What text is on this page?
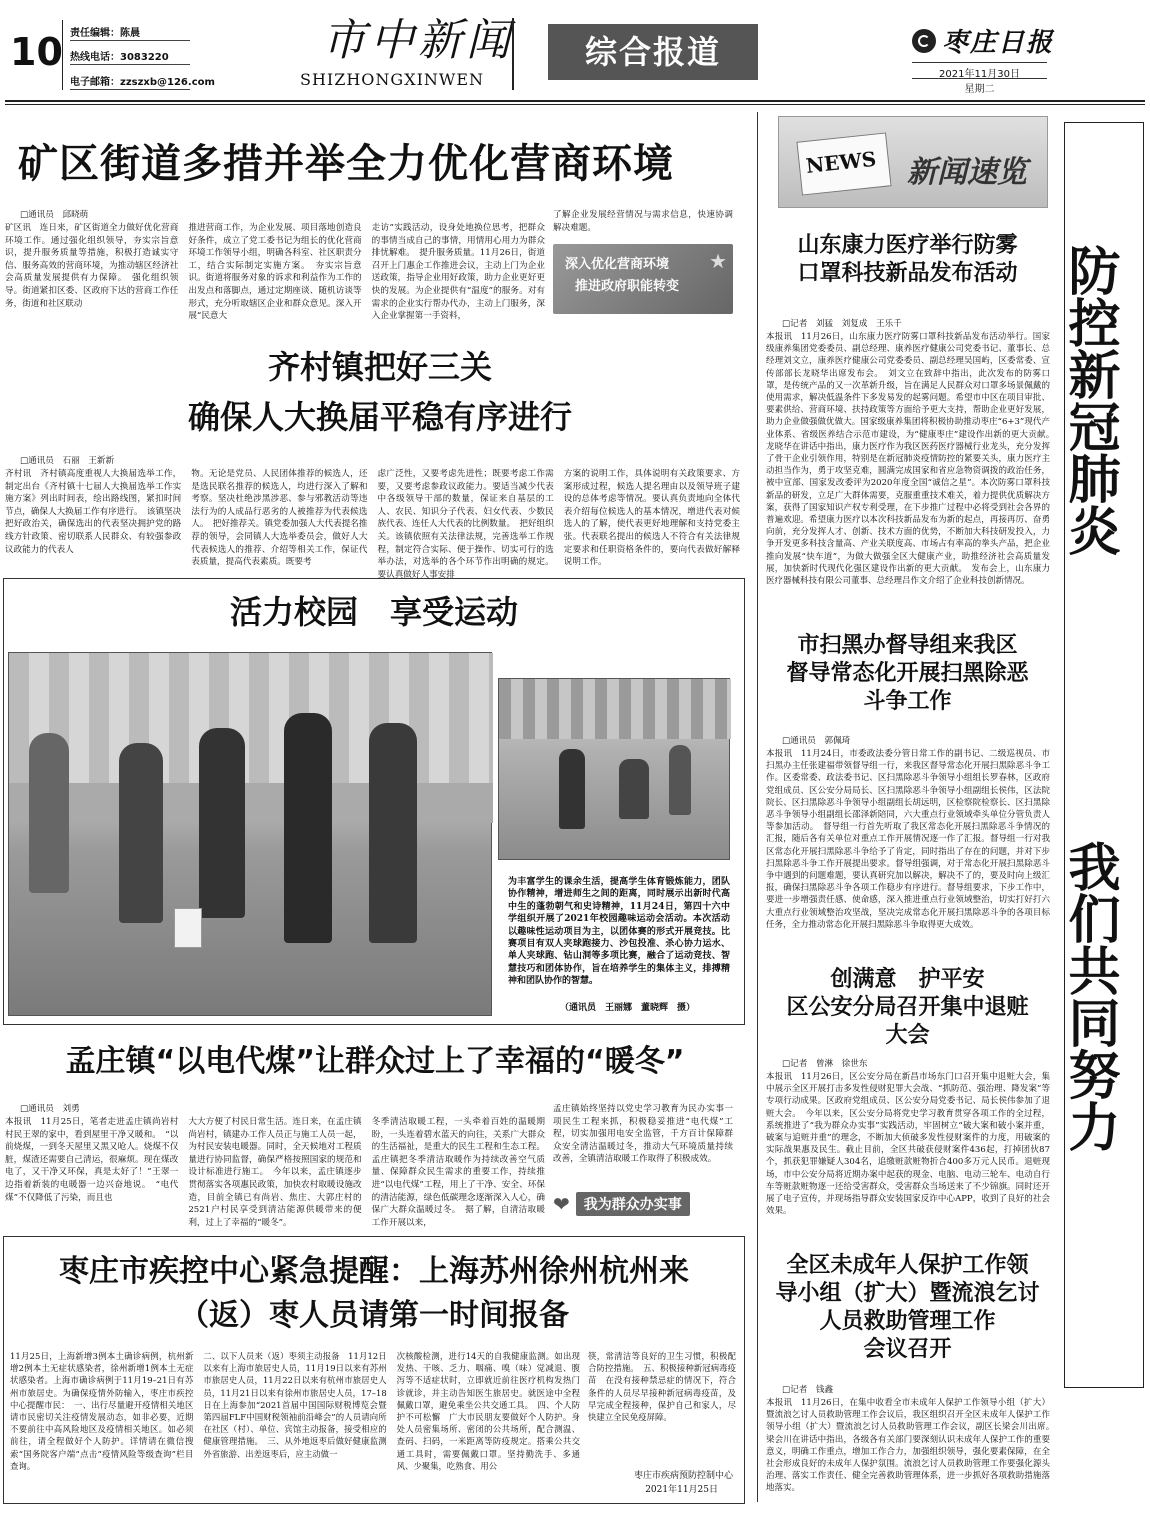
10 责任编辑：陈晨
热线电话：3083220
电子邮箱：zzszxb@126.com
市中新闻
SHIZHONGXINWEN
综合报道	枣庄日报
2021年11月30日
星期二
矿区街道多措并举全力优化营商环境
□通讯员　邱晓萌

矿区讯　连日来，矿区街道全力做好优化营商环境工作。通过强化组织领导，夯实宗旨意识，提升服务质量等措施，积极打造诚实守信、服务高效的营商环境，为推动辖区经济社会高质量发展提供有力保障。　强化组织领导。街道紧扣区委、区政府下达的营商工作任务，街道和社区联动

推进营商工作，为企业发展、项目落地创造良好条件，成立了党工委书记为组长的优化营商环境工作领导小组，明确各科室、社区职责分工，结合实际制定实施方案。　夯实宗旨意识。街道将服务对象的诉求和利益作为工作的出发点和落脚点，通过定期座谈、随机访谈等形式，充分听取辖区企业和群众意见。深入开展“民意大

走访”实践活动，设身处地换位思考，把群众的事情当成自己的事情，用情用心用力为群众排忧解难。　提升服务质量。11月26日，街道召开上门惠企工作推进会议，主动上门为企业送政策，指导企业用好政策，助力企业更好更快的发展。为企业提供有“温度”的服务。对有需求的企业实行帮办代办，主动上门服务，深入企业掌握第一手资料，

了解企业发展经营情况与需求信息，快速协调解决难题。
深入优化营商环境
推进政府职能转变
★
齐村镇把好三关
确保人大换届平稳有序进行
□通讯员　石丽　王新新

齐村讯　齐村镇高度重视人大换届选举工作，制定出台《齐村镇十七届人大换届选举工作实施方案》列出时间表，绘出路线图，紧扣时间节点，确保人大换届工作有序进行。　该镇坚决把好政治关，确保选出的代表坚决拥护党的路线方针政策、密切联系人民群众、有较强参政议政能力的代表人

物。无论是党员、人民团体推荐的候选人，还是选民联名推荐的候选人，均进行深入了解和考察。坚决杜绝涉黑涉恶、参与邪教活动等违法行为的人成品行恶劣的人被推荐为代表候选人。　把好推荐关。镇党委加强人大代表提名推荐的领导，会同镇人大选举委员会，做好人大代表候选人的推荐、介绍等相关工作，保证代表质量，提高代表素质。既要考

虑广泛性，又要考虑先进性；既要考虑工作需要，又要考虑参政议政能力。要适当减少代表中各级领导干部的数量，保证来自基层的工人、农民、知识分子代表、妇女代表、少数民族代表、连任人大代表的比例数量。　把好组织关。该镇依照有关法律法规，完善选举工作规程，制定符合实际、便于操作、切实可行的选举办法，对选举的各个环节作出明确的规定。要认真做好人事安排

方案的说明工作，具体说明有关政策要求、方案形成过程，候选人提名理由以及领导班子建设的总体考虑等情况。要认真负责地向全体代表介绍每位候选人的基本情况，增进代表对候选人的了解，使代表更好地理解和支持党委主张。代表联名提出的候选人不符合有关法律规定要求和任职资格条件的，要向代表做好解释说明工作。

活力校园　享受运动
为丰富学生的课余生活，提高学生体育锻炼能力，团队协作精神，增进师生之间的距离，同时展示出新时代高中生的蓬勃朝气和史诗精神，11月24日，第四十六中学组织开展了2021年校园趣味运动会活动。本次活动以趣味性运动项目为主，以团体赛的形式开展竞技。比赛项目有双人夹球跑接力、沙包投准、杀心协力运水、单人夹球跑、钻山洞等多项比赛，融合了运动竞技、智慧技巧和团体协作，旨在培养学生的集体主义，排搏精神和团队协作的智慧。
（通讯员　王丽娜　董晓辉　摄）
孟庄镇“以电代煤”让群众过上了幸福的“暖冬”
□通讯员　刘勇

本报讯　11月25日，笔者走进孟庄镇尚岩村村民王翠的家中，看到屋里干净又暖和。　“以前烧煤，一到冬天屋里又黑又呛人。烧煤不仅脏，煤渣还需要自己清运，很麻烦。现在煤改电了，又干净又环保，真是太好了！”王翠一边指着新装的电暖器一边兴奋地说。　“电代煤”不仅降低了污染，而且也

大大方便了村民日常生活。连日来，在孟庄镇尚岩村，镇建办工作人员正与施工人员一起，为村民安装电暖器。同时，全天候地对工程质量进行协同监督，确保严格按照国家的规范和设计标准进行施工。　今年以来，孟庄镇逐步贯彻落实各项惠民政策，加快农村取暖设施改造，目前全镇已有尚岩、焦庄、大郭庄村的2521户村民享受到清洁能源供暖带来的便利，过上了幸福的“暖冬”。

冬季清洁取暖工程，一头牵着百姓的温暖期盼，一头连着碧水蓝天的向往，关系广大群众的生活福祉，是重大的民生工程和生态工程。孟庄镇把冬季清洁取暖作为持续改善空气质量、保障群众民生需求的重要工作，持续推进“以电代煤”工程，用上了干净、安全、环保的清洁能源，绿色低碳理念逐渐深入人心，确保广大群众温暖过冬。　据了解，自清洁取暖工作开展以来，

孟庄镇始终坚持以党史学习教育为民办实事一项民生工程来抓，积极稳妥推进“电代煤”工程，切实加强用电安全监管，千方百计保障群众安全清洁温暖过冬，推动大气环境质量持续改善，全镇清洁取暖工作取得了积极成效。
❤	我为群众办实事
枣庄市疾控中心紧急提醒：上海苏州徐州杭州来
（返）枣人员请第一时间报备

11月25日，上海新增3例本土确诊病例，杭州新增2例本土无症状感染者，徐州新增1例本土无症状感染者。上海市确诊病例于11月19–21日有苏州市旅居史。为确保疫情外防输入，枣庄市疾控中心提醒市民：　一、出行尽量避开疫情相关地区　请市民密切关注疫情发展动态，如非必要，近期不要前往中高风险地区及疫情相关地区。如必须前往，请全程做好个人防护。详情请在微信搜索“国务院客户端”点击“疫情风险等级查询”栏目查询。

二、以下人员来（返）枣须主动报备　11月12日以来有上海市旅居史人员，11月19日以来有苏州市旅居史人员，11月22日以来有杭州市旅居史人员，11月21日以来有徐州市旅居史人员，17–18日在上海参加“2021首届中国国际财税博览会暨第四届FLF中国财税领袖前沿峰会”的人员请向所在社区（村）、单位、宾馆主动报备，接受相应的健康管理措施。　三、从外地返枣后做好健康监测　外省旅游、出差返枣后，应主动做一

次核酸检测，进行14天的自我健康监测。如出现发热、干咳、乏力、咽痛、嗅（味）觉减退、腹泻等不适症状时，立即就近前往医疗机构发热门诊就诊，并主动告知医生旅居史。就医途中全程佩戴口罩，避免乘坐公共交通工具。　四、个人防护不可松懈　广大市民朋友要做好个人防护。身处人员密集场所、密闭的公共场所，配合测温、查码、扫码，一米距离等防疫规定。搭乘公共交通工具时，需要佩戴口罩。坚持勤洗手、多通风、少聚集，吃熟食、用公

筷，常清洁等良好的卫生习惯，积极配合防控措施。　五、积极接种新冠病毒疫苗　在没有接种禁忌症的情况下，符合条件的人员尽早接种新冠病毒疫苗，及早完成全程接种，保护自己和家人，尽快建立全民免疫屏障。
枣庄市疾病预防控制中心
2021年11月25日
NEWS 新闻速览
山东康力医疗举行防雾
口罩科技新品发布活动
□记者　刘猛　刘复成　王乐千
本报讯　11月26日，山东康力医疗防雾口罩科技新品发布活动举行。国家级康养集团党委委员、副总经理、康养医疗健康公司党委书记、董事长、总经理刘文立，康养医疗健康公司党委委员、副总经理吴国屿，区委常委、宣传部部长龙晓华出席发布会。　刘文立在致辞中指出，此次发布的防雾口罩，是传统产品的又一次革新升级，旨在满足人民群众对口罩多场景佩戴的使用需求，解决低温条件下多发易发的起雾问题。希望市中区在项目审批、要素供给、营商环境、扶持政策等方面给予更大支持，帮助企业更好发展，助力企业做强做优做大。国家级康养集团将积极协助推动枣庄“6+3”现代产业体系、省级医养结合示范市建设，为“健康枣庄”建设作出新的更大贡献。　龙晓华在讲话中指出，康力医疗作为我区医药医疗器械行业龙头，充分发挥了骨干企业引领作用，特别是在新冠肺炎疫情防控的紧要关头，康力医疗主动担当作为，勇于攻坚克难，圆满完成国家和省应急物资调拨的政治任务，被中宣部、国家发改委评为2020年度全国“诚信之星”。本次防雾口罩科技新品的研发，立足广大群体需要，克服重重技术难关，着力提供优质解决方案，获得了国家知识产权专利受理，在下步推广过程中必将受到社会各界的普遍欢迎。希望康力医疗以本次科技新品发布为新的起点，再接再厉、奋勇向前，充分发挥人才、创新、技术方面的优势，不断加大科技研发投入，力争开发更多科技含量高、产业关联度高、市场占有率高的拳头产品，把企业推向发展“快车道”，为做大做强全区大健康产业，助推经济社会高质量发展，加快新时代现代化强区建设作出新的更大贡献。　发布会上，山东康力医疗器械科技有限公司董事、总经理吕作文介绍了企业科技创新情况。
市扫黑办督导组来我区
督导常态化开展扫黑除恶
斗争工作
□通讯员　郭佩琦
本报讯　11月24日，市委政法委分管日常工作的副书记、二级巡视员、市扫黑办主任张建福带领督导组一行，来我区督导常态化开展扫黑除恶斗争工作。区委常委、政法委书记、区扫黑除恶斗争领导小组组长罗春林，区政府党组成员、区公安分局局长、区扫黑除恶斗争领导小组副组长侯伟，区法院院长、区扫黑除恶斗争领导小组副组长胡远明，区检察院检察长、区扫黑除恶斗争领导小组副组长邵泽新陪同，六大重点行业领域牵头单位分管负责人等参加活动。　督导组一行首先听取了我区常态化开展扫黑除恶斗争情况的汇报，随后各有关单位对重点工作开展情况逐一作了汇报。督导组一行对我区常态化开展扫黑除恶斗争给予了肯定，同时指出了存在的问题，并对下步扫黑除恶斗争工作开展提出要求。督导组强调，对于常态化开展扫黑除恶斗争中遇到的问题难题，要认真研究加以解决，解决不了的，要及时向上级汇报，确保扫黑除恶斗争各项工作稳步有序进行。督导组要求，下步工作中，要进一步增强责任感、使命感，深入推进重点行业领域整治，切实打好打六大重点行业领域整治攻坚战，坚决完成常态化开展扫黑除恶斗争的各项目标任务，全力推动常态化开展扫黑除恶斗争取得更大成效。
创满意　护平安
区公安分局召开集中退赃
大会
□记者　曾淋　徐世东
本报讯　11月26日，区公安分局在新昌市场东门口召开集中退赃大会，集中展示全区开展打击多发性侵财犯罪大会战、“抓防范、强治理、降发案”等专项行动成果。区政府党组成员、区公安分局党委书记、局长侯伟参加了退赃大会。　今年以来，区公安分局将党史学习教育贯穿各项工作的全过程，系统推进了“我为群众办实事”实践活动，牢固树立“破大案和破小案并重，破案与追赃并重”的理念，不断加大侦破多发性侵财案件的力度，用破案的实际战果惠及民生。截止目前，全区共破获侵财案件436起，打掉团伙87个，抓获犯罪嫌疑人304名，追缴赃款赃物折合400多万元人民币。退赃现场，市中公安分局将近期办案中起获的现金、电脑、电动三轮车、电动自行车等赃款赃物逐一还给受害群众，受害群众当场送来了不少锦旗。同时还开展了电子宣传，并现场指导群众安装国家反诈中心APP，收到了良好的社会效果。
全区未成年人保护工作领
导小组（扩大）暨流浪乞讨
人员救助管理工作
会议召开
□记者　钱鑫
本报讯　11月26日，在集中收看全市未成年人保护工作领导小组（扩大）暨流浪乞讨人员救助管理工作会议后，我区组织召开全区未成年人保护工作领导小组（扩大）暨流浪乞讨人员救助管理工作会议，副区长梁会川出席。　梁会川在讲话中指出，各级各有关部门要深刻认识未成年人保护工作的重要意义，明确工作重点，增加工作合力，加强组织领导，强化要素保障，在全社会形成良好的未成年人保护氛围。流浪乞讨人员救助管理工作要强化源头治理、落实工作责任、健全完善救助管理体系，进一步抓好各项救助措施落地落实。
防控新冠肺炎
我们共同努力
